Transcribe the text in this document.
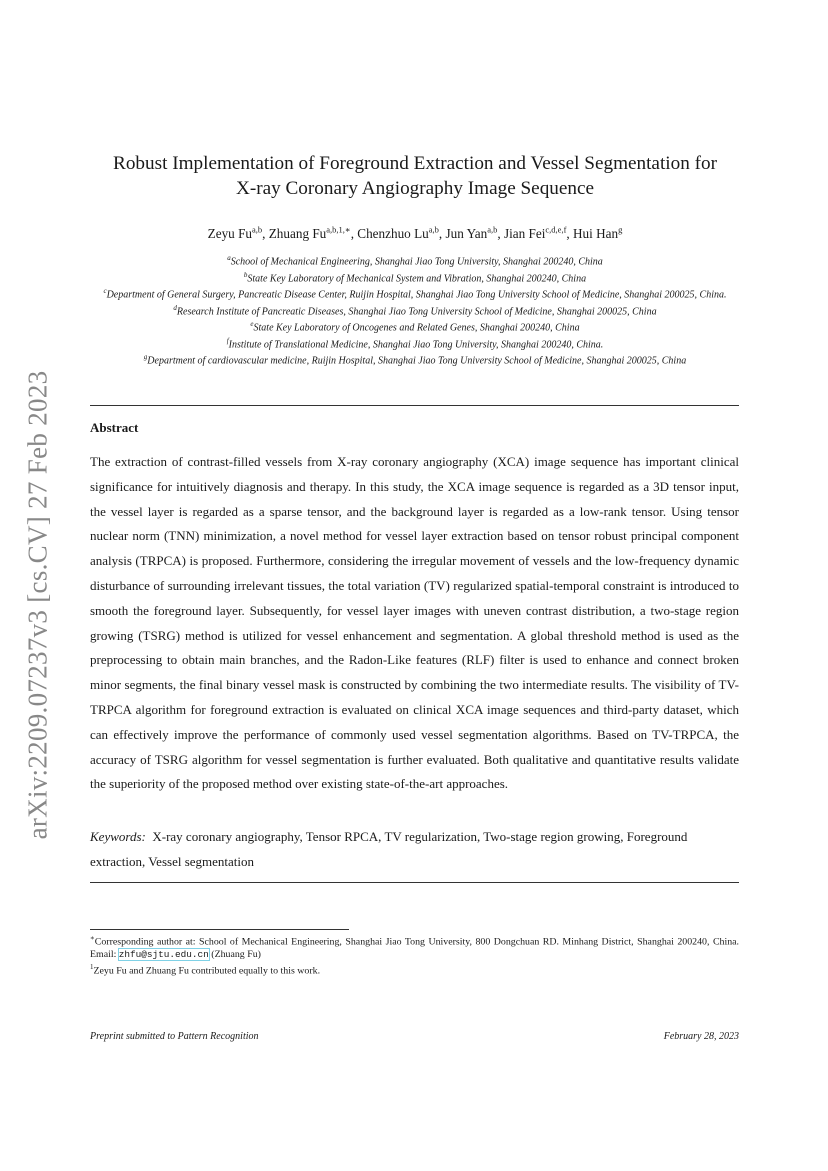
arXiv:2209.07237v3 [cs.CV] 27 Feb 2023
Robust Implementation of Foreground Extraction and Vessel Segmentation for
X-ray Coronary Angiography Image Sequence
Zeyu Fu$^{a,b}$, Zhuang $Fu^{a,b,1,∗}$, Chenzhuo Lu$^{a,b}$, Jun Yan$^{a,b}$, Jian Fei$^{c,d,e,f}$, Hui Han$^g$
$^a$School of Mechanical Engineering, Shanghai Jiao Tong University, Shanghai 200240, China
$^b$State Key Laboratory of Mechanical System and Vibration, Shanghai 200240, China
$^c$Department of General Surgery, Pancreatic Disease Center, Ruijin Hospital, Shanghai Jiao Tong University School of Medicine, Shanghai 200025, China.
$^d$Research Institute of Pancreatic Diseases, Shanghai Jiao Tong University School of Medicine, Shanghai 200025, China
$^e$State Key Laboratory of Oncogenes and Related Genes, Shanghai 200240, China
$^f$Institute of Translational Medicine, Shanghai Jiao Tong University, Shanghai 200240, China.
$^g$Department of cardiovascular medicine, Ruijin Hospital, Shanghai Jiao Tong University School of Medicine, Shanghai 200025, China
Abstract

The extraction of contrast-filled vessels from X-ray coronary angiography (XCA) image sequence has important clinical significance for intuitively diagnosis and therapy. In this study, the XCA image sequence is regarded as a 3D tensor input, the vessel layer is regarded as a sparse tensor, and the background layer is regarded as a low-rank tensor. Using tensor nuclear norm (TNN) minimization, a novel method for vessel layer extraction based on tensor robust principal component analysis (TRPCA) is proposed. Furthermore, considering the irregular movement of vessels and the low-frequency dynamic disturbance of surrounding irrelevant tissues, the total variation (TV) regularized spatial-temporal constraint is introduced to smooth the foreground layer. Subsequently, for vessel layer images with uneven contrast distribution, a two-stage region growing (TSRG) method is utilized for vessel enhancement and segmentation. A global threshold method is used as the preprocessing to obtain main branches, and the Radon-Like features (RLF) filter is used to enhance and connect broken minor segments, the final binary vessel mask is constructed by combining the two intermediate results. The visibility of TV-TRPCA algorithm for foreground extraction is evaluated on clinical XCA image sequences and third-party dataset, which can effectively improve the performance of commonly used vessel segmentation algorithms. Based on TV-TRPCA, the accuracy of TSRG algorithm for vessel segmentation is further evaluated. Both qualitative and quantitative results validate the superiority of the proposed method over existing state-of-the-art approaches.

Keywords: X-ray coronary angiography, Tensor RPCA, TV regularization, Two-stage region growing, Foreground extraction, Vessel segmentation

∗Corresponding author at: School of Mechanical Engineering, Shanghai Jiao Tong University, 800 Dongchuan RD. Minhang District, Shanghai 200240, China. Email: zhfu@sjtu.edu.cn (Zhuang Fu)
$^1$Zeyu Fu and Zhuang Fu contributed equally to this work.
Preprint submitted to Pattern Recognition	February 28, 2023
